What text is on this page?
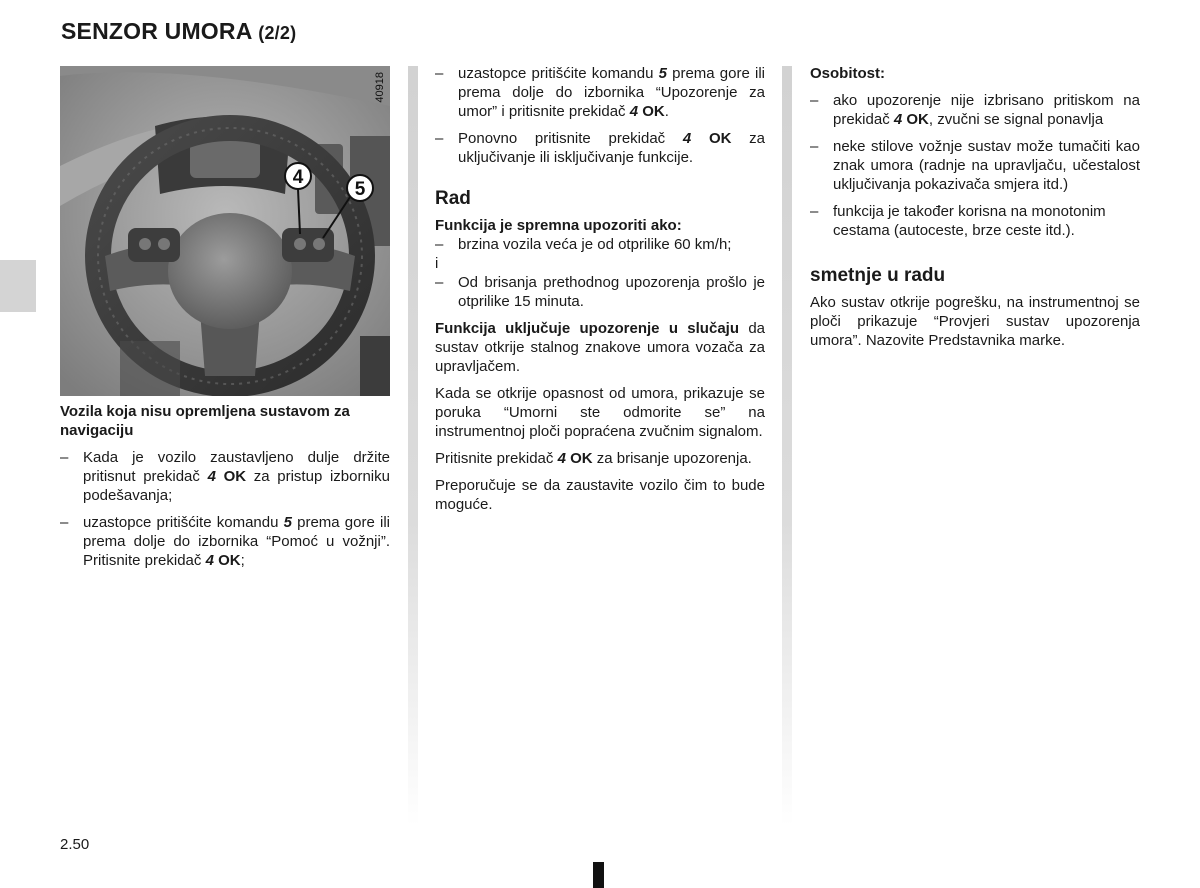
SENZOR UMORA (2/2)
4
5
40918

Vozila koja nisu opremljena sustavom za navigaciju

– Kada je vozilo zaustavljeno dulje držite pritisnut prekidač 4 OK za pristup izborniku podešavanja;
– uzastopce pritišćite komandu 5 prema gore ili prema dolje do izbornika “Pomoć u vožnji”. Pritisnite prekidač 4 OK;
– uzastopce pritišćite komandu 5 prema gore ili prema dolje do izbornika “Upozorenje za umor” i pritisnite prekidač 4 OK.
– Ponovno pritisnite prekidač 4 OK za uključivanje ili isključivanje funkcije.
Rad

Funkcija je spremna upozoriti ako:

– brzina vozila veća je od otprilike 60 km/h;

i

– Od brisanja prethodnog upozorenja prošlo je otprilike 15 minuta.

Funkcija uključuje upozorenje u slučaju da sustav otkrije stalnog znakove umora vozača za upravljačem.

Kada se otkrije opasnost od umora, prikazuje se poruka “Umorni ste odmorite se” na instrumentnoj ploči popraćena zvučnim signalom.

Pritisnite prekidač 4 OK za brisanje upozorenja.

Preporučuje se da zaustavite vozilo čim to bude moguće.

Osobitost:

– ako upozorenje nije izbrisano pritiskom na prekidač 4 OK, zvučni se signal ponavlja
– neke stilove vožnje sustav može tumačiti kao znak umora (radnje na upravljaču, učestalost uključivanja pokazivača smjera itd.)
– funkcija je također korisna na monotonim cestama (autoceste, brze ceste itd.).
smetnje u radu

Ako sustav otkrije pogrešku, na instrumentnoj se ploči prikazuje “Provjeri sustav upozorenja umora”. Nazovite Predstavnika marke.

2.50
